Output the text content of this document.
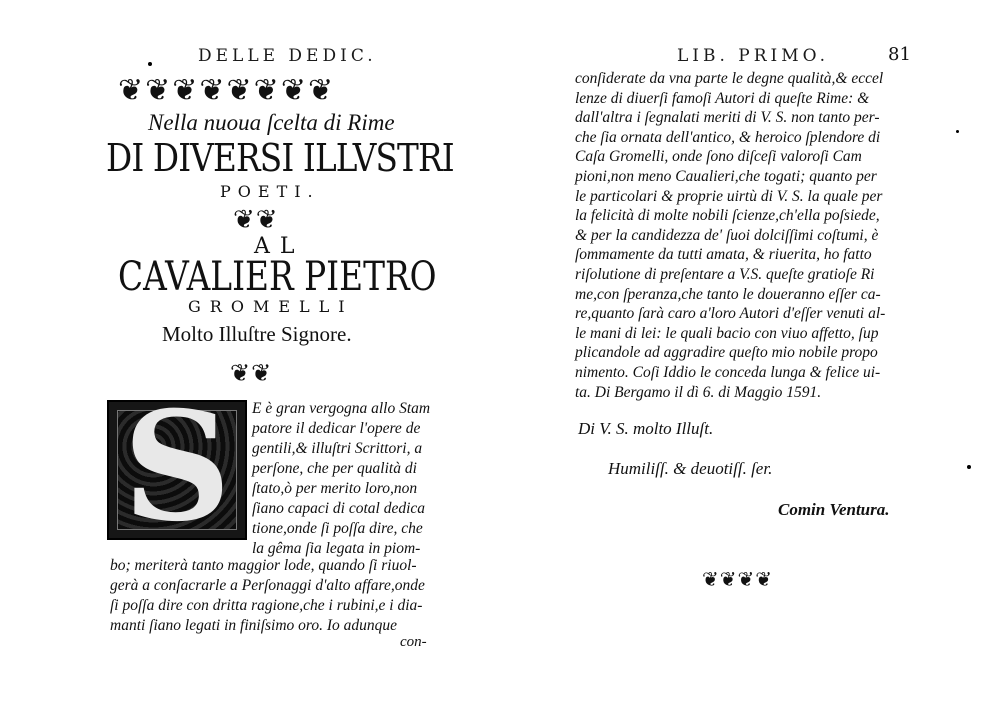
DELLE DEDIC.
❦❦❦❦❦❦❦❦
Nella nuoua ſcelta di Rime
DI DIVERSI ILLVSTRI
POETI.
❦❦
AL
CAVALIER PIETRO
GROMELLI
Molto Illuſtre Signore.
❦❦
S	E è gran vergogna allo Stam
patore il dedicar l'opere de
gentili,& illuſtri Scrittori, a
perſone, che per qualità di
ſtato,ò per merito loro,non
ſiano capaci di cotal dedica
tione,onde ſi poſſa dire, che
la gêma ſia legata in piom-
bo; meriterà tanto maggior lode, quando ſi riuol-
gerà a conſacrarle a Perſonaggi d'alto affare,onde
ſi poſſa dire con dritta ragione,che i rubini,e i dia-
manti ſiano legati in finiſsimo oro. Io adunque
con-
LIB. PRIMO.	81
conſiderate da vna parte le degne qualità,& eccel
lenze di diuerſi famoſi Autori di queſte Rime: &
dall'altra i ſegnalati meriti di V. S. non tanto per-
che ſia ornata dell'antico, & heroico ſplendore di
Caſa Gromelli, onde ſono diſceſi valoroſi Cam
pioni,non meno Caualieri,che togati; quanto per
le particolari & proprie uirtù di V. S. la quale per
la felicità di molte nobili ſcienze,ch'ella poſsiede,
& per la candidezza de' ſuoi dolciſſimi coſtumi, è
ſommamente da tutti amata, & riuerita, ho fatto
riſolutione di preſentare a V.S. queſte gratioſe Ri
me,con ſperanza,che tanto le doueranno eſſer ca-
re,quanto ſarà caro a'loro Autori d'eſſer venuti al-
le mani di lei: le quali bacio con viuo affetto, ſup
plicandole ad aggradire queſto mio nobile propo
nimento. Coſi Iddio le conceda lunga & felice ui-
ta. Di Bergamo il dì 6. di Maggio 1591.
Di V. S. molto Illuſt.
Humiliſſ. & deuotiſſ. ſer.
Comin Ventura.
❦❦❦❦
